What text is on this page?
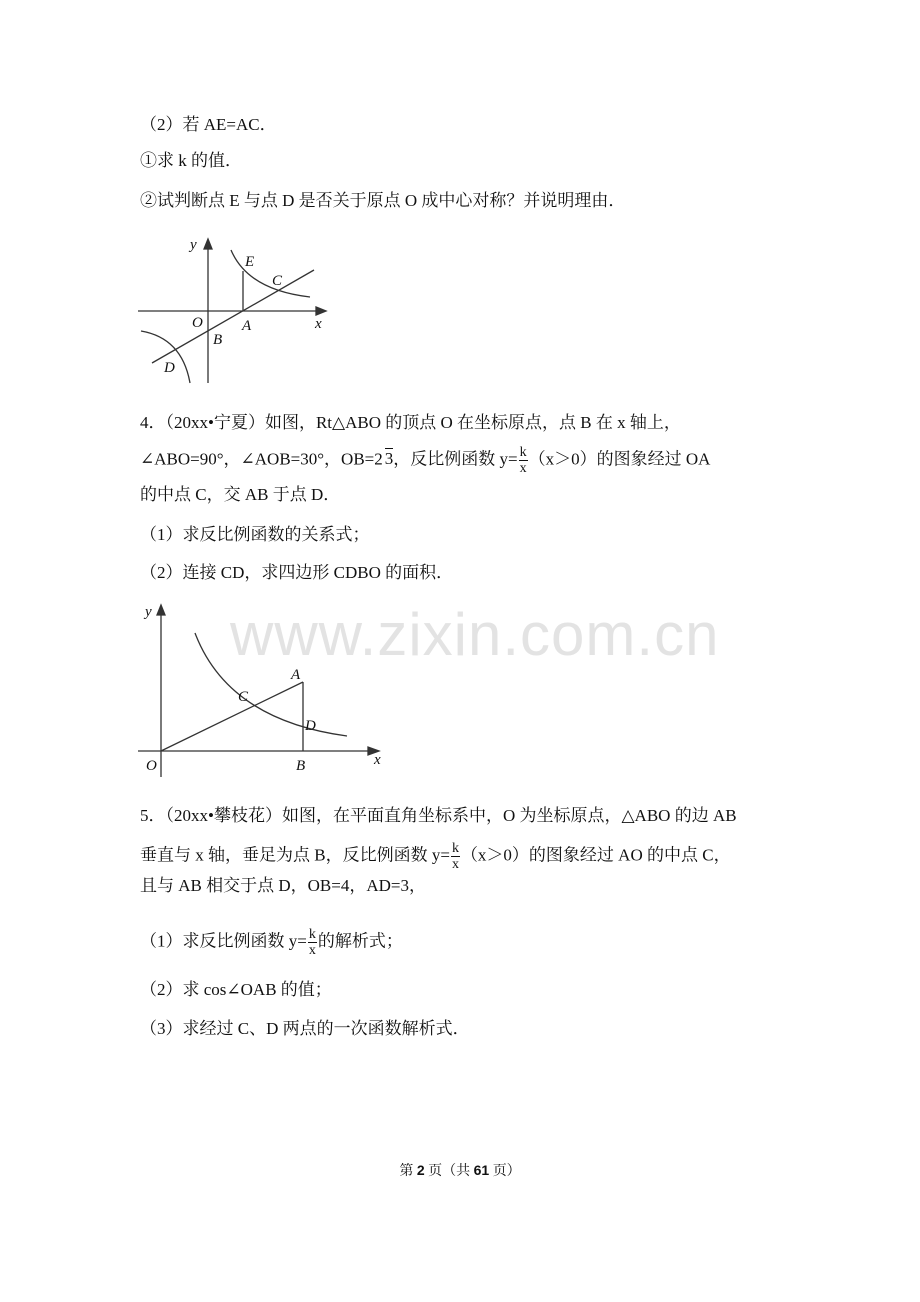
www.zixin.com.cn
（2）若 AE=AC．
①求 k 的值．
②试判断点 E 与点 D 是否关于原点 O 成中心对称？并说明理由．
y
E
C
O	A
B
D
x
y
A
C
D
O	B	x
4．（20xx•宁夏）如图，Rt△ABO 的顶点 O 在坐标原点，点 B 在 x 轴上，
∠ABO=90°，∠AOB=30°，OB=2 3，反比例函数 $y= \frac{k}{x} (x>0)$的图象经过 OA
的中点 C，交 AB 于点 D．
（1）求反比例函数的关系式；
（2）连接 CD，求四边形 CDBO 的面积．
5．（20xx•攀枝花）如图，在平面直角坐标系中，O 为坐标原点，△ABO 的边 AB
垂直与 x 轴，垂足为点 B，反比例函数 $y= \frac{k}{x} (x>0)$的图象经过 AO 的中点 C，
且与 AB 相交于点 D，OB=4，AD=3，
（1）求反比例函数 $y= \frac{k}{x}$ 的解析式；
（2）求 cos∠OAB 的值；
（3）求经过 C、D 两点的一次函数解析式．
第 2 页（共 61 页）
